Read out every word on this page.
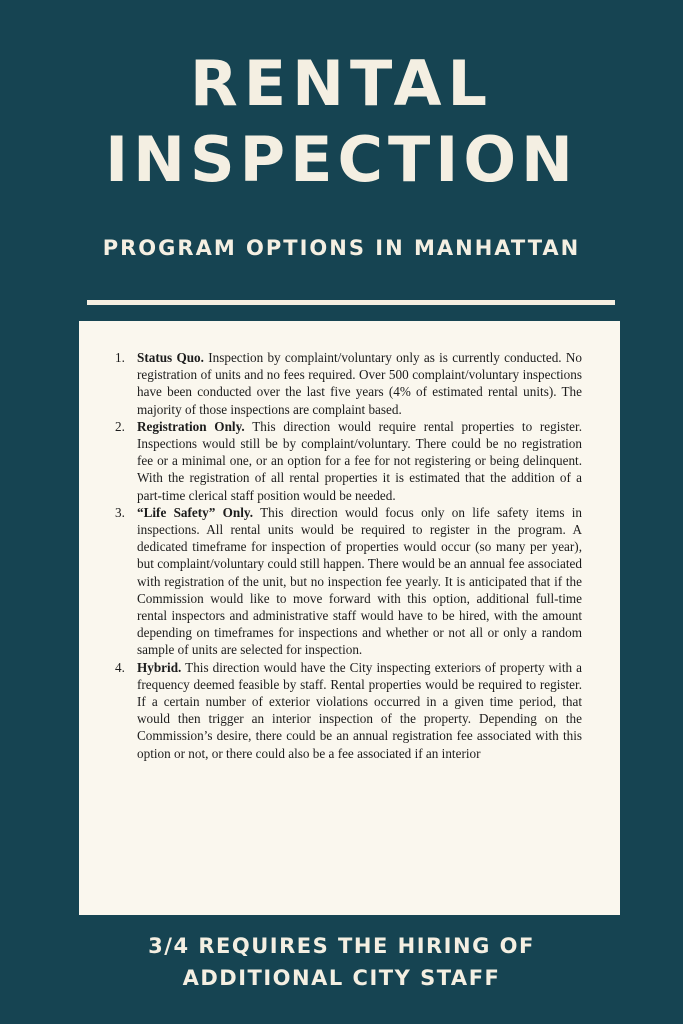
RENTAL
INSPECTION
PROGRAM OPTIONS IN MANHATTAN
1. Status Quo. Inspection by complaint/voluntary only as is currently conducted. No registration of units and no fees required. Over 500 complaint/voluntary inspections have been conducted over the last five years (4% of estimated rental units). The majority of those inspections are complaint based.
2. Registration Only. This direction would require rental properties to register. Inspections would still be by complaint/voluntary. There could be no registration fee or a minimal one, or an option for a fee for not registering or being delinquent. With the registration of all rental properties it is estimated that the addition of a part-time clerical staff position would be needed.
3. “Life Safety” Only. This direction would focus only on life safety items in inspections. All rental units would be required to register in the program. A dedicated timeframe for inspection of properties would occur (so many per year), but complaint/voluntary could still happen. There would be an annual fee associated with registration of the unit, but no inspection fee yearly. It is anticipated that if the Commission would like to move forward with this option, additional full-time rental inspectors and administrative staff would have to be hired, with the amount depending on timeframes for inspections and whether or not all or only a random sample of units are selected for inspection.
4. Hybrid. This direction would have the City inspecting exteriors of property with a frequency deemed feasible by staff. Rental properties would be required to register. If a certain number of exterior violations occurred in a given time period, that would then trigger an interior inspection of the property. Depending on the Commission’s desire, there could be an annual registration fee associated with this option or not, or there could also be a fee associated if an interior
3/4 REQUIRES THE HIRING OF
ADDITIONAL CITY STAFF
